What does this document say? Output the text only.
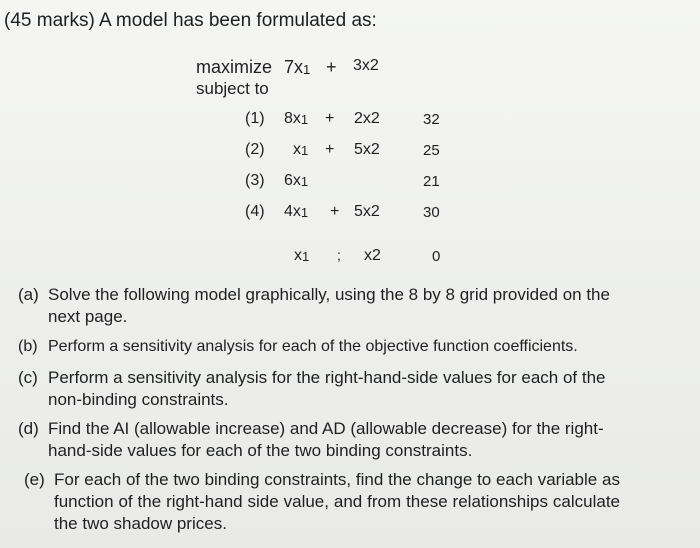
(45 marks) A model has been formulated as:
maximize 7x1 + 3x2
subject to
(1) 8x1 + 2x2	32
(2) x1 + 5x2	25
(3) 6x1	21
(4) 4x1 + 5x2	30
x1 ; x2	0
(a) Solve the following model graphically, using the 8 by 8 grid provided on the next page.
(b) Perform a sensitivity analysis for each of the objective function coefficients.
(c) Perform a sensitivity analysis for the right-hand-side values for each of the non-binding constraints.
(d) Find the AI (allowable increase) and AD (allowable decrease) for the right-hand-side values for each of the two binding constraints.
(e) For each of the two binding constraints, find the change to each variable as function of the right-hand side value, and from these relationships calculate the two shadow prices.
